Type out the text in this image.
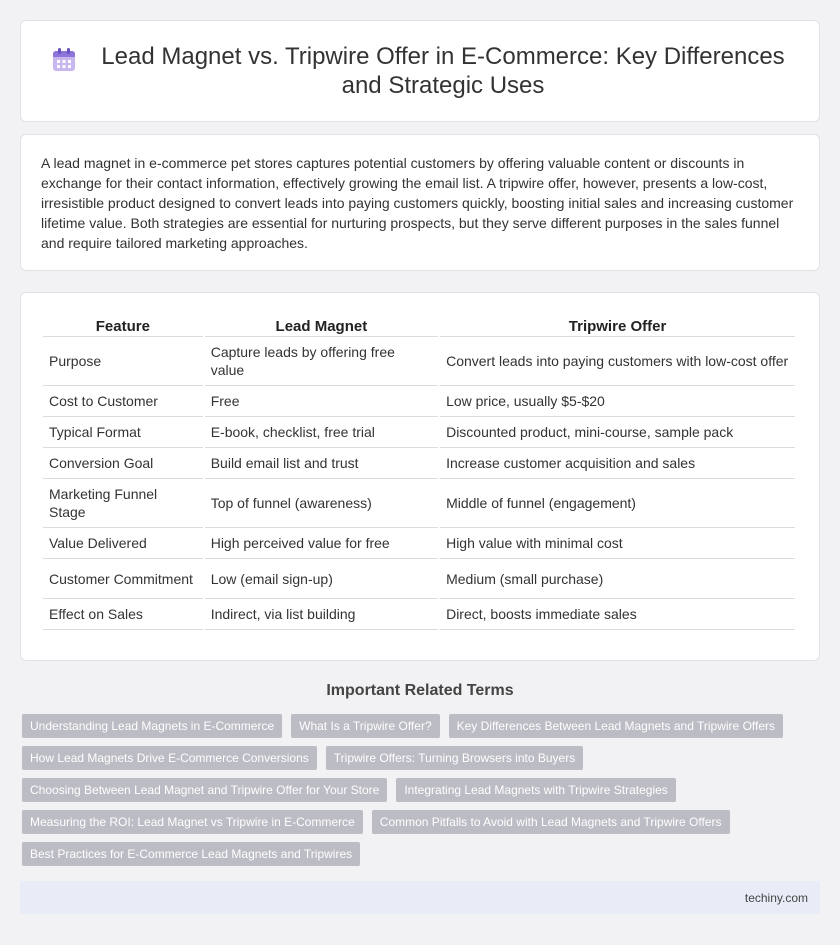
Lead Magnet vs. Tripwire Offer in E-Commerce: Key Differences and Strategic Uses

A lead magnet in e-commerce pet stores captures potential customers by offering valuable content or discounts in exchange for their contact information, effectively growing the email list. A tripwire offer, however, presents a low-cost, irresistible product designed to convert leads into paying customers quickly, boosting initial sales and increasing customer lifetime value. Both strategies are essential for nurturing prospects, but they serve different purposes in the sales funnel and require tailored marketing approaches.

Feature	Lead Magnet	Tripwire Offer
Purpose	Capture leads by offering free value	Convert leads into paying customers with low-cost offer
Cost to Customer	Free	Low price, usually $5-$20
Typical Format	E-book, checklist, free trial	Discounted product, mini-course, sample pack
Conversion Goal	Build email list and trust	Increase customer acquisition and sales
Marketing Funnel Stage	Top of funnel (awareness)	Middle of funnel (engagement)
Value Delivered	High perceived value for free	High value with minimal cost
Customer Commitment	Low (email sign-up)	Medium (small purchase)
Effect on Sales	Indirect, via list building	Direct, boosts immediate sales
Important Related Terms
Understanding Lead Magnets in E-Commerce	What Is a Tripwire Offer?	Key Differences Between Lead Magnets and Tripwire Offers
How Lead Magnets Drive E-Commerce Conversions	Tripwire Offers: Turning Browsers into Buyers
Choosing Between Lead Magnet and Tripwire Offer for Your Store	Integrating Lead Magnets with Tripwire Strategies
Measuring the ROI: Lead Magnet vs Tripwire in E-Commerce	Common Pitfalls to Avoid with Lead Magnets and Tripwire Offers
Best Practices for E-Commerce Lead Magnets and Tripwires
techiny.com
